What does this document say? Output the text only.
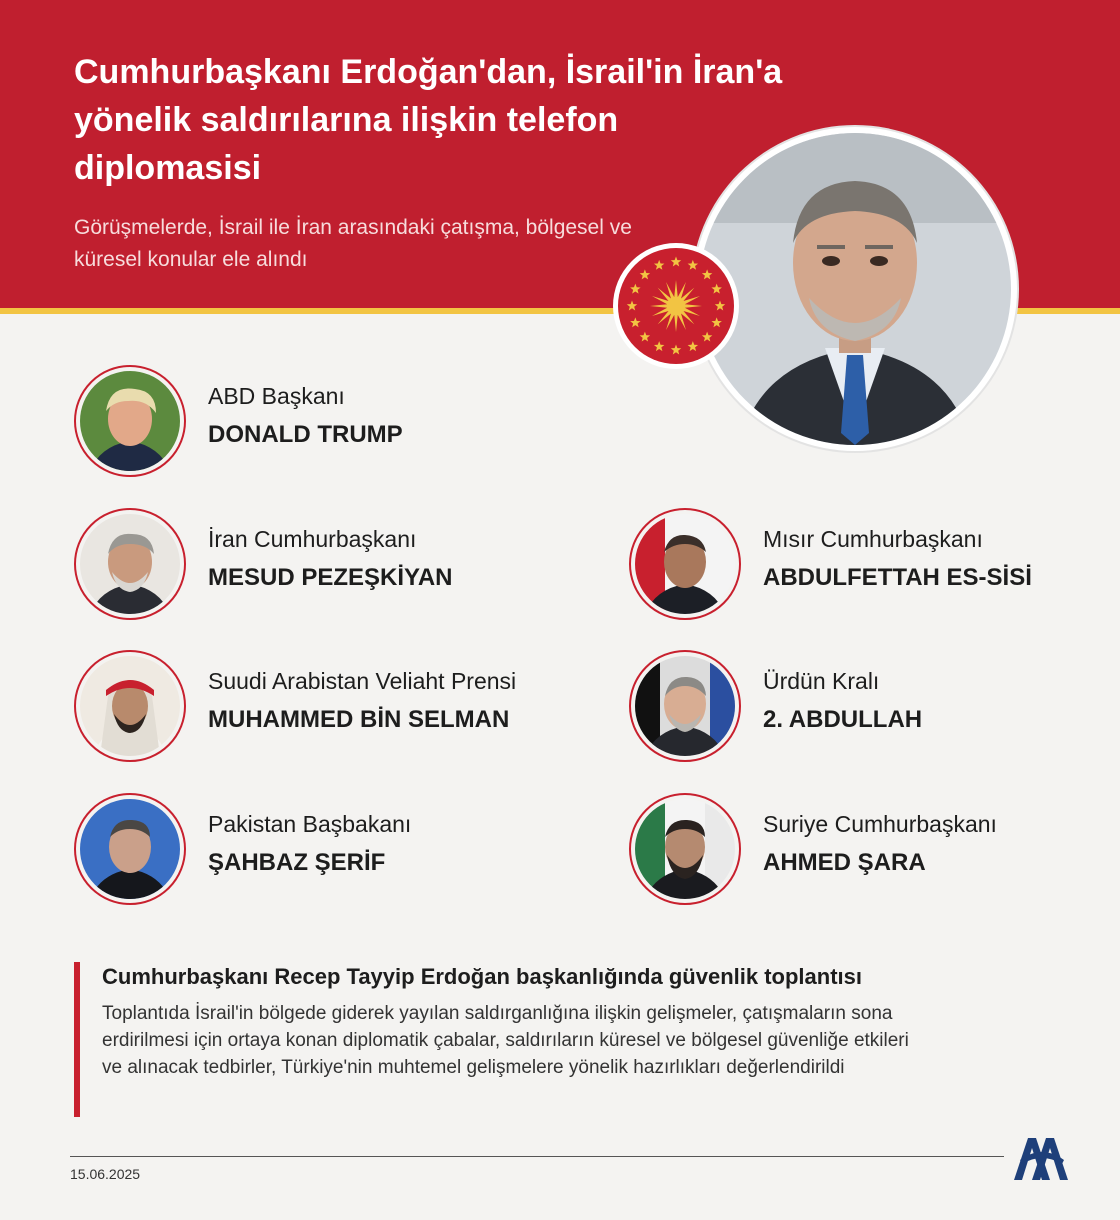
Cumhurbaşkanı Erdoğan'dan, İsrail'in İran'a yönelik saldırılarına ilişkin telefon diplomasisi

Görüşmelerde, İsrail ile İran arasındaki çatışma, bölgesel ve küresel konular ele alındı

ABD Başkanı
DONALD TRUMP
İran Cumhurbaşkanı
MESUD PEZEŞKİYAN
Mısır Cumhurbaşkanı
ABDULFETTAH ES-SİSİ
Suudi Arabistan Veliaht Prensi
MUHAMMED BİN SELMAN
Ürdün Kralı
2. ABDULLAH
Pakistan Başbakanı
ŞAHBAZ ŞERİF
Suriye Cumhurbaşkanı
AHMED ŞARA
Cumhurbaşkanı Recep Tayyip Erdoğan başkanlığında güvenlik toplantısı
Toplantıda İsrail'in bölgede giderek yayılan saldırganlığına ilişkin gelişmeler, çatışmaların sona erdirilmesi için ortaya konan diplomatik çabalar, saldırıların küresel ve bölgesel güvenliğe etkileri ve alınacak tedbirler, Türkiye'nin muhtemel gelişmelere yönelik hazırlıkları değerlendirildi
15.06.2025
